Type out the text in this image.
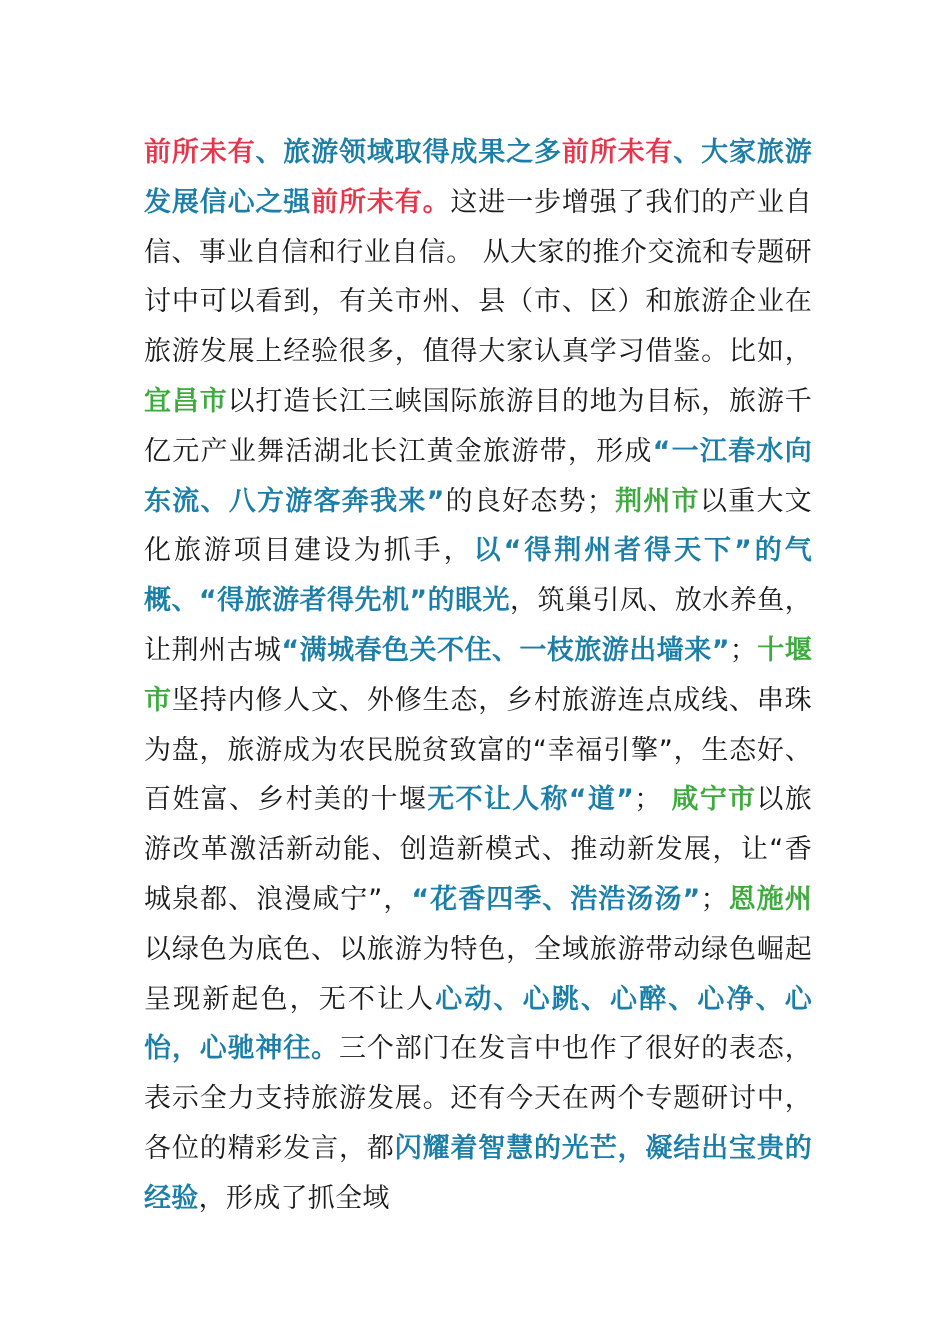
前所未有、旅游领域取得成果之多前所未有、大家旅游发展信心之强前所未有。这进一步增强了我们的产业自信、事业自信和行业自信。 从大家的推介交流和专题研讨中可以看到，有关市州、县（市、区）和旅游企业在旅游发展上经验很多，值得大家认真学习借鉴。比如，宜昌市以打造长江三峡国际旅游目的地为目标，旅游千亿元产业舞活湖北长江黄金旅游带，形成“一江春水向东流、八方游客奔我来”的良好态势；荆州市以重大文化旅游项目建设为抓手，以“得荆州者得天下”的气概、“得旅游者得先机”的眼光，筑巢引凤、放水养鱼，让荆州古城“满城春色关不住、一枝旅游出墙来”；十堰市坚持内修人文、外修生态，乡村旅游连点成线、串珠为盘，旅游成为农民脱贫致富的“幸福引擎”，生态好、百姓富、乡村美的十堰无不让人称“道”； 咸宁市以旅游改革激活新动能、创造新模式、推动新发展，让“香城泉都、浪漫咸宁”，“花香四季、浩浩汤汤”；恩施州以绿色为底色、以旅游为特色，全域旅游带动绿色崛起呈现新起色，无不让人心动、心跳、心醉、心净、心怡，心驰神往。三个部门在发言中也作了很好的表态，表示全力支持旅游发展。还有今天在两个专题研讨中，各位的精彩发言，都闪耀着智慧的光芒，凝结出宝贵的经验，形成了抓全域
